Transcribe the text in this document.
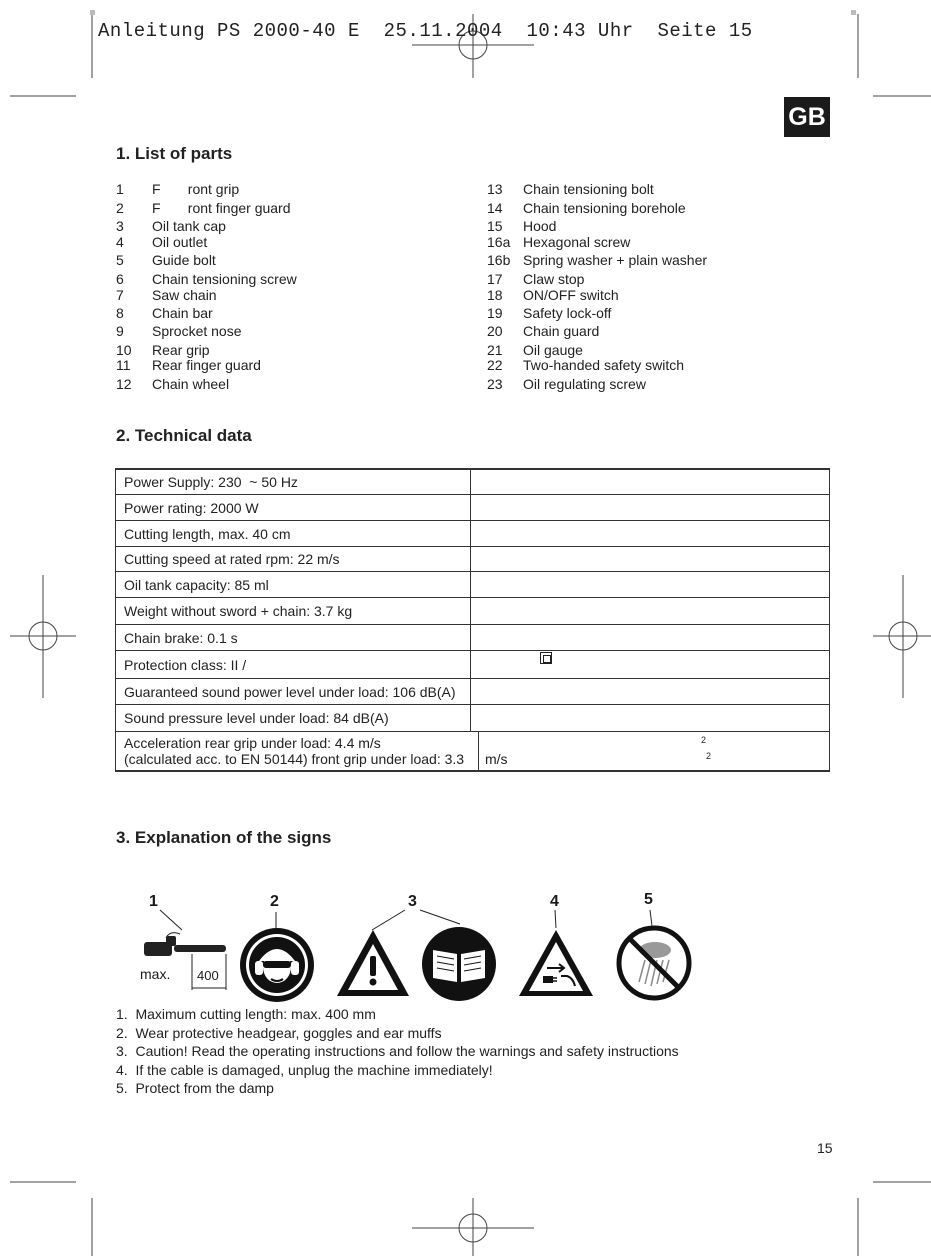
Anleitung PS 2000-40 E 25.11.2004 10:43 Uhr Seite 15
GB
1. List of parts
1 F       ront grip
2 F       ront finger guard
3 Oil tank cap
4 Oil outlet
5 Guide bolt
6 Chain tensioning screw
7 Saw chain
8 Chain bar
9 Sprocket nose
10 Rear grip
11 Rear finger guard
12 Chain wheel
13 Chain tensioning bolt
14 Chain tensioning borehole
15 Hood
16a Hexagonal screw
16b Spring washer + plain washer
17 Claw stop
18 ON/OFF switch
19 Safety lock-off
20 Chain guard
21 Oil gauge
22 Two-handed safety switch
23 Oil regulating screw
2. Technical data
Power Supply: 230  ~ 50 Hz	
Power rating: 2000 W	
Cutting length, max. 40 cm	
Cutting speed at rated rpm: 22 m/s	
Oil tank capacity: 85 ml	
Weight without sword + chain: 3.7 kg	
Chain brake: 0.1 s	
Protection class: II /	
Guaranteed sound power level under load: 106 dB(A)	
Sound pressure level under load: 84 dB(A)	

Acceleration rear grip under load: 4.4 m/s
(calculated acc. to EN 50144) front grip under load: 3.3 m/s
2
2	
3. Explanation of the signs
1	2	3	4	5
max. 400
1.  Maximum cutting length: max. 400 mm
2.  Wear protective headgear, goggles and ear muffs
3.  Caution! Read the operating instructions and follow the warnings and safety instructions
4.  If the cable is damaged, unplug the machine immediately!
5.  Protect from the damp
15
